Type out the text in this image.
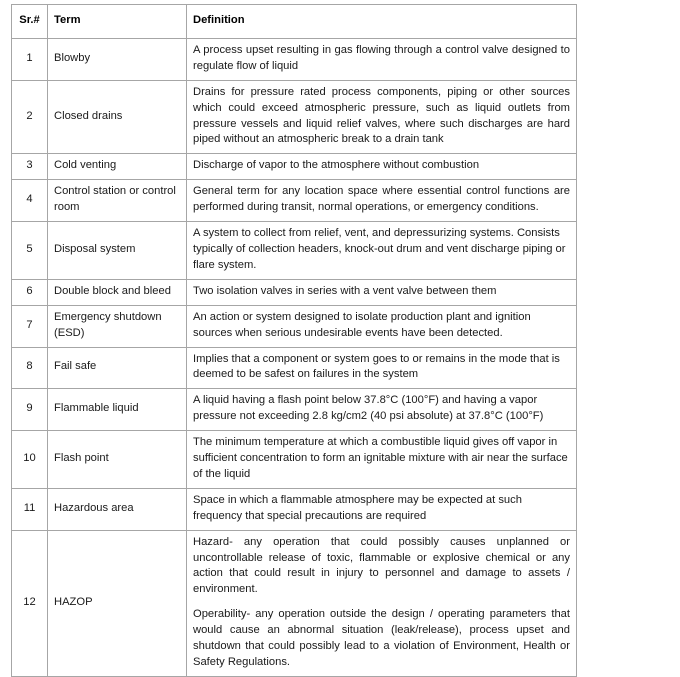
Sr.#	Term	Definition
1	Blowby	A process upset resulting in gas flowing through a control valve designed to regulate flow of liquid

2	Closed drains	Drains for pressure rated process components, piping or other sources which could exceed atmospheric pressure, such as liquid outlets from pressure vessels and liquid relief valves, where such discharges are hard piped without an atmospheric break to a drain tank

3	Cold venting	Discharge of vapor to the atmosphere without combustion

4	Control station or control room	General term for any location space where essential control functions are performed during transit, normal operations, or emergency conditions.

5	Disposal system	A system to collect from relief, vent, and depressurizing systems. Consists typically of collection headers, knock-out drum and vent discharge piping or flare system.

6	Double block and bleed	Two isolation valves in series with a vent valve between them

7	Emergency shutdown (ESD)	An action or system designed to isolate production plant and ignition sources when serious undesirable events have been detected.

8	Fail safe	Implies that a component or system goes to or remains in the mode that is deemed to be safest on failures in the system

9	Flammable liquid	A liquid having a flash point below 37.8°C (100°F) and having a vapor pressure not exceeding 2.8 kg/cm2 (40 psi absolute) at 37.8°C (100°F)

10	Flash point	The minimum temperature at which a combustible liquid gives off vapor in sufficient concentration to form an ignitable mixture with air near the surface of the liquid

11	Hazardous area	Space in which a flammable atmosphere may be expected at such frequency that special precautions are required

12	HAZOP	Hazard- any operation that could possibly causes unplanned or uncontrollable release of toxic, flammable or explosive chemical or any action that could result in injury to personnel and damage to assets / environment.

Operability- any operation outside the design / operating parameters that would cause an abnormal situation (leak/release), process upset and shutdown that could possibly lead to a violation of Environment, Health or Safety Regulations.
